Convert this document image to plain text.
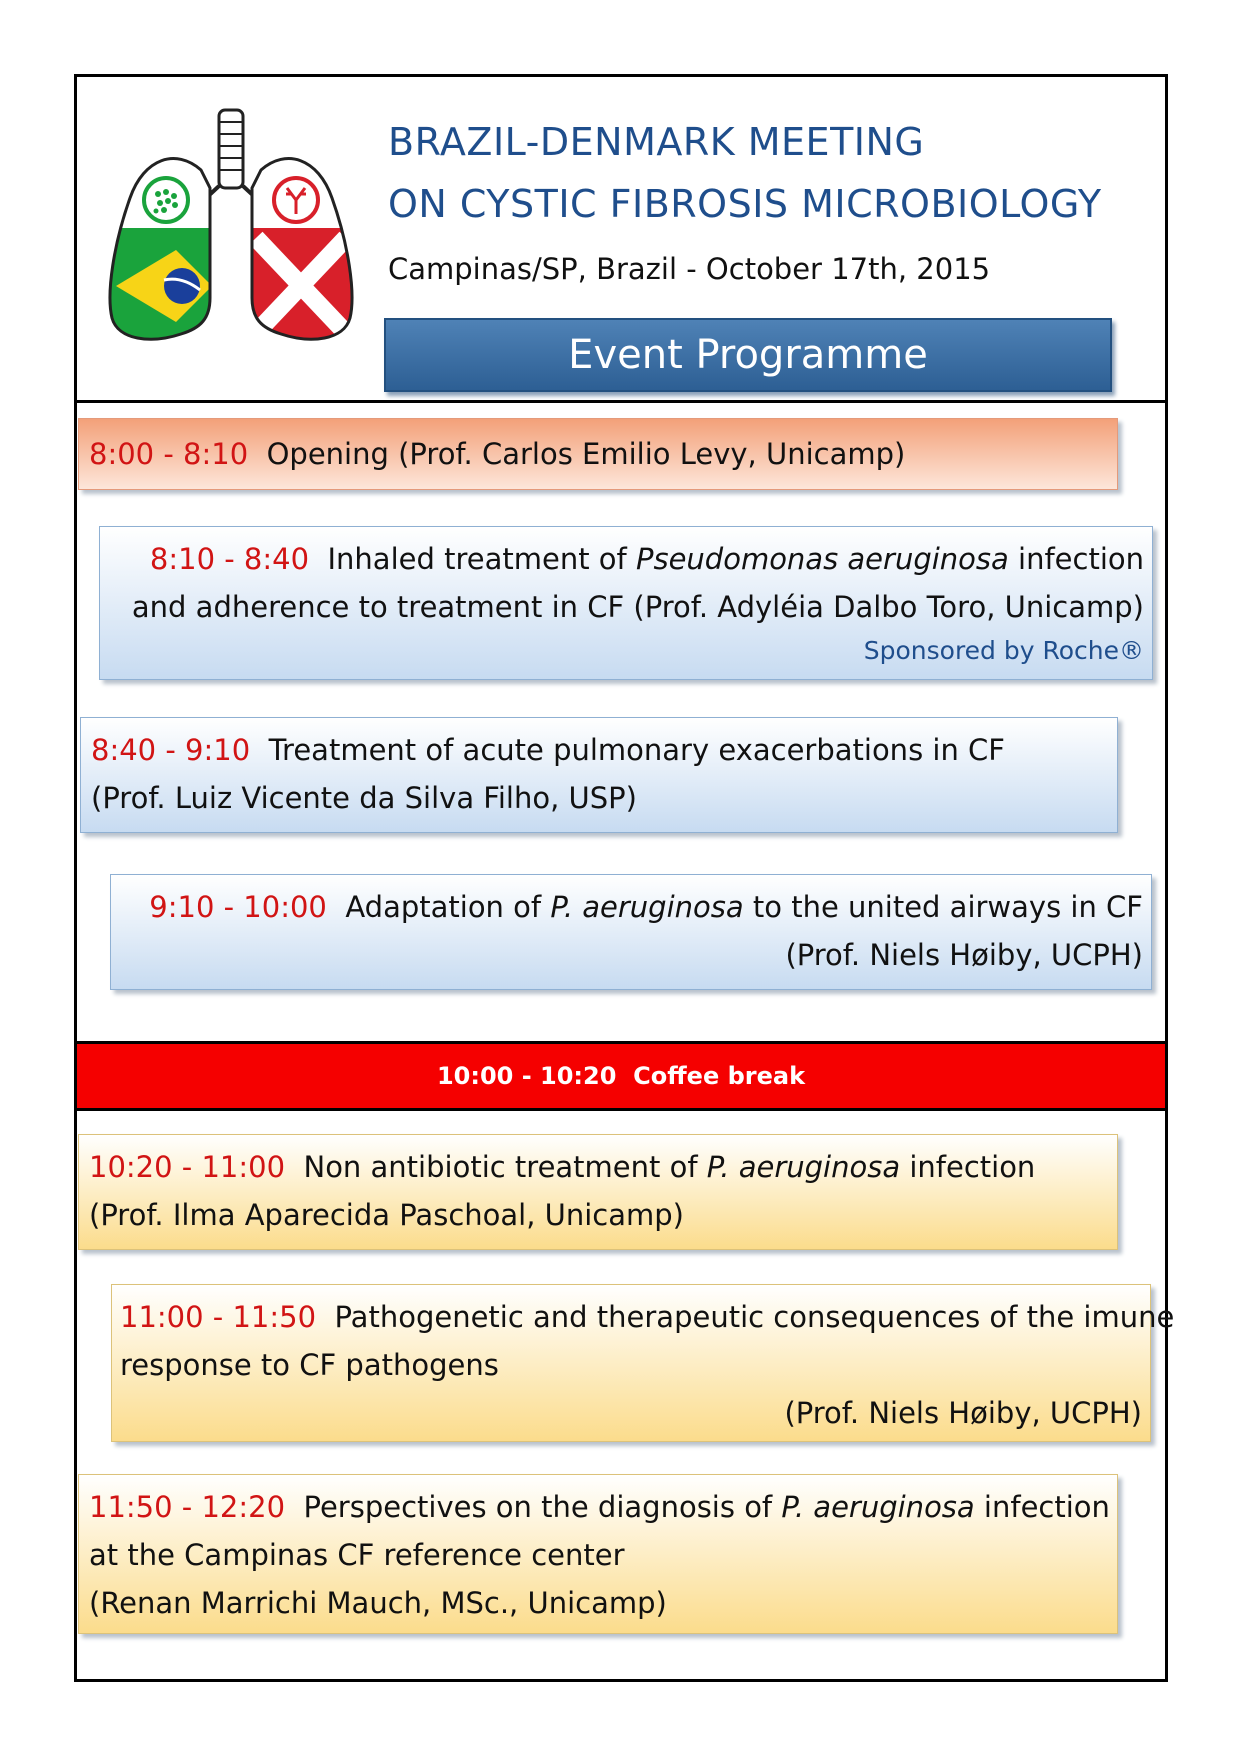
BRAZIL-DENMARK MEETING
ON CYSTIC FIBROSIS MICROBIOLOGY
Campinas/SP, Brazil - October 17th, 2015
Event Programme
8:00 - 8:10 Opening (Prof. Carlos Emilio Levy, Unicamp)
8:10 - 8:40 Inhaled treatment of Pseudomonas aeruginosa infection
and adherence to treatment in CF (Prof. Adyléia Dalbo Toro, Unicamp)
Sponsored by Roche®
8:40 - 9:10 Treatment of acute pulmonary exacerbations in CF
(Prof. Luiz Vicente da Silva Filho, USP)
9:10 - 10:00 Adaptation of P. aeruginosa to the united airways in CF
(Prof. Niels Høiby, UCPH)
10:00 - 10:20
Coffee break
10:20 - 11:00 Non antibiotic treatment of P. aeruginosa infection
(Prof. Ilma Aparecida Paschoal, Unicamp)
11:00 - 11:50 Pathogenetic and therapeutic consequences of the imune
response to CF pathogens
(Prof. Niels Høiby, UCPH)
11:50 - 12:20 Perspectives on the diagnosis of P. aeruginosa infection
at the Campinas CF reference center
(Renan Marrichi Mauch, MSc., Unicamp)
